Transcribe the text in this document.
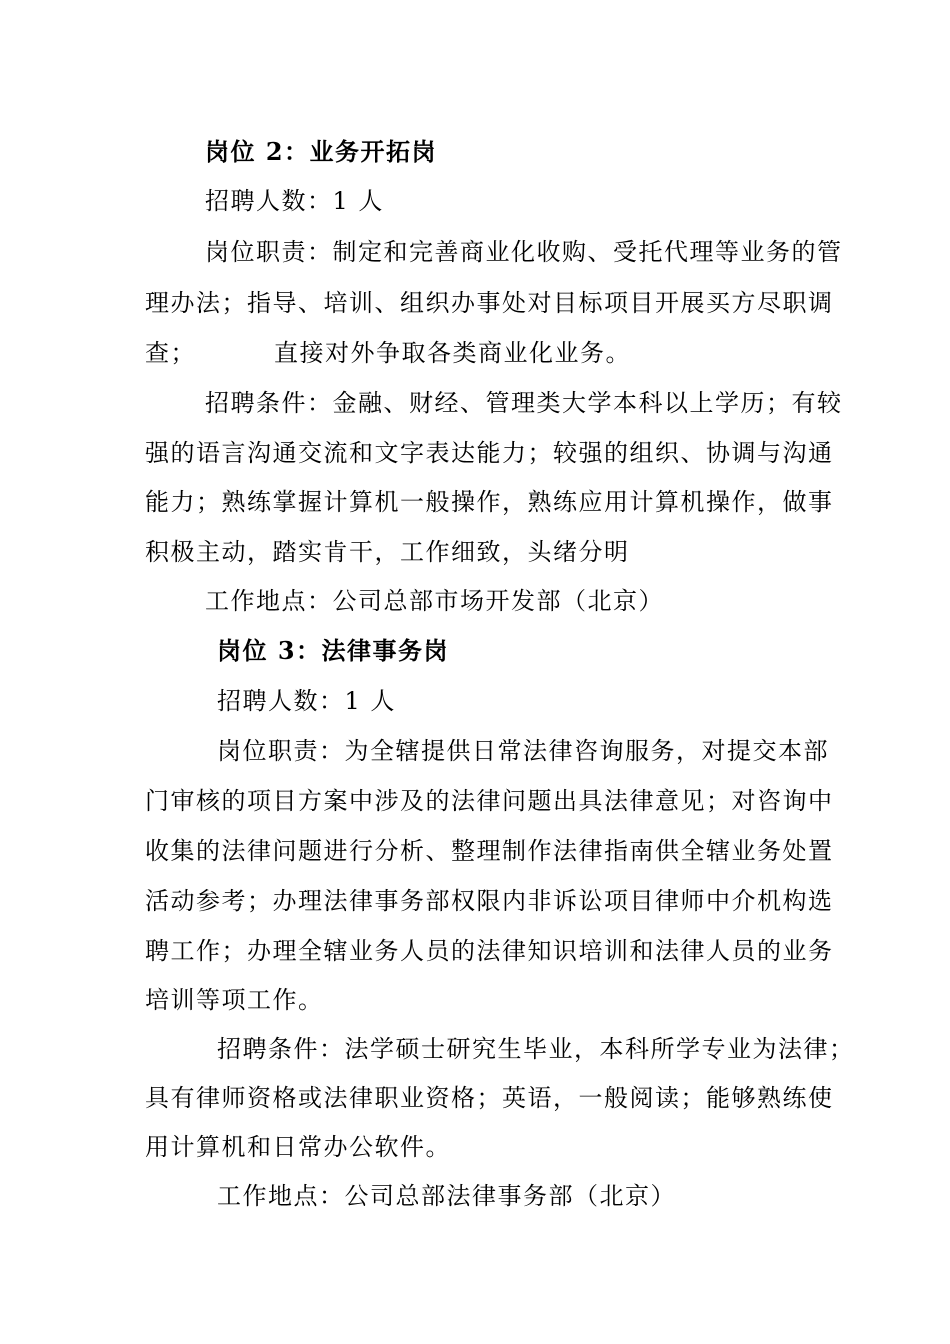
岗位 2：业务开拓岗
招聘人数：1 人
岗位职责：制定和完善商业化收购、受托代理等业务的管
理办法；指导、培训、组织办事处对目标项目开展买方尽职调
查；	直接对外争取各类商业化业务。
招聘条件：金融、财经、管理类大学本科以上学历；有较
强的语言沟通交流和文字表达能力；较强的组织、协调与沟通
能力；熟练掌握计算机一般操作，熟练应用计算机操作，做事
积极主动，踏实肯干，工作细致，头绪分明
工作地点：公司总部市场开发部（北京）
岗位 3：法律事务岗
招聘人数：1 人
岗位职责：为全辖提供日常法律咨询服务，对提交本部
门审核的项目方案中涉及的法律问题出具法律意见；对咨询中
收集的法律问题进行分析、整理制作法律指南供全辖业务处置
活动参考；办理法律事务部权限内非诉讼项目律师中介机构选
聘工作；办理全辖业务人员的法律知识培训和法律人员的业务
培训等项工作。
招聘条件：法学硕士研究生毕业，本科所学专业为法律；
具有律师资格或法律职业资格；英语，一般阅读；能够熟练使
用计算机和日常办公软件。
工作地点：公司总部法律事务部（北京）
